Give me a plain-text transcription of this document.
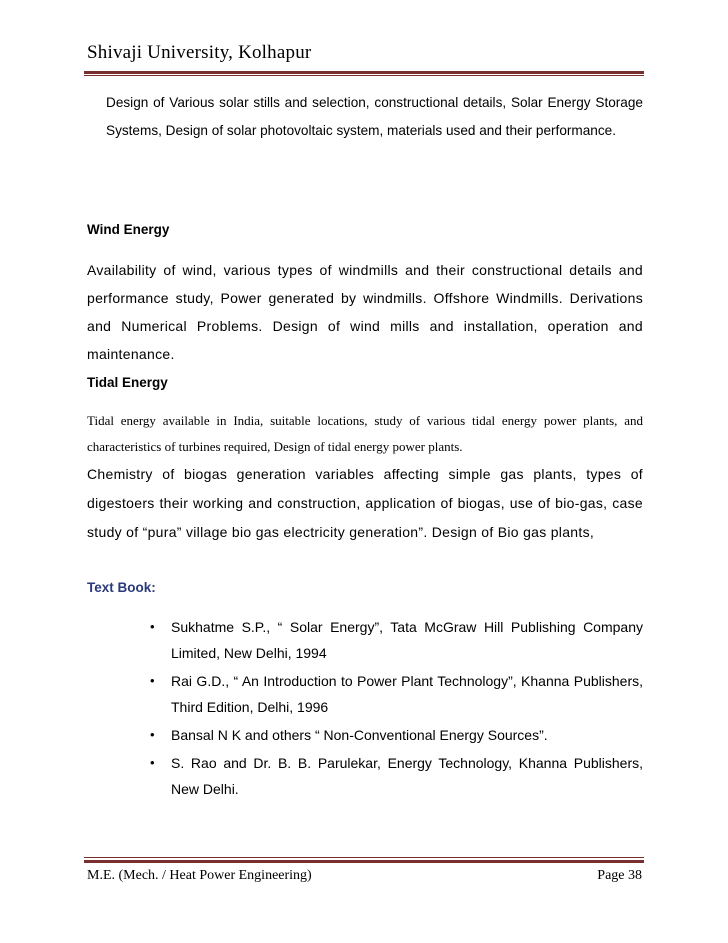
Shivaji University, Kolhapur
Design of Various solar stills and selection, constructional details, Solar Energy Storage Systems, Design of solar photovoltaic system, materials used and their performance.
Wind Energy
Availability of wind, various types of windmills and their constructional details and performance study, Power generated by windmills. Offshore Windmills. Derivations and Numerical Problems. Design of wind mills and installation, operation and maintenance.
Tidal Energy
Tidal energy available in India, suitable locations, study of various tidal energy power plants, and characteristics of turbines required, Design of tidal energy power plants.
Chemistry of biogas generation variables affecting simple gas plants, types of digestoers their working and construction, application of biogas, use of bio-gas, case study of “pura” village bio gas electricity generation”. Design of Bio gas plants,
Text Book:
• Sukhatme S.P., “ Solar Energy”, Tata McGraw Hill Publishing Company Limited, New Delhi, 1994
• Rai G.D., “ An Introduction to Power Plant Technology”, Khanna Publishers, Third Edition, Delhi, 1996
• Bansal N K and others “ Non-Conventional Energy Sources”.
• S. Rao and Dr. B. B. Parulekar, Energy Technology, Khanna Publishers, New Delhi.
M.E. (Mech. / Heat Power Engineering)	Page 38
